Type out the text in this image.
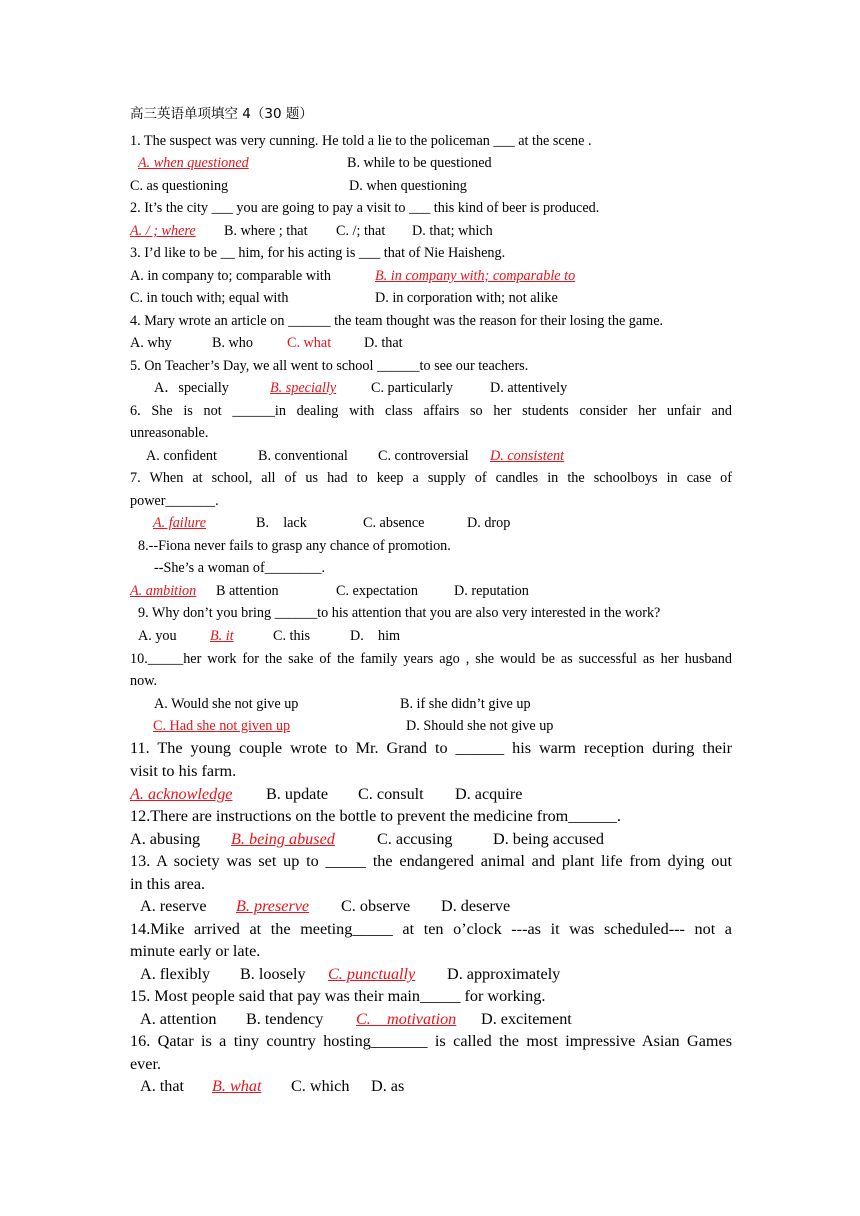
高三英语单项填空 4（30 题）
1. The suspect was very cunning. He told a lie to the policeman ___ at the scene .
A. when questioned	B. while to be questioned
C. as questioning	D. when questioning
2. It’s the city ___ you are going to pay a visit to ___ this kind of beer is produced.
A. / ; where B. where ; that C. /; that D. that; which
3. I’d like to be __ him, for his acting is ___ that of Nie Haisheng.
A. in company to; comparable with	B. in company with; comparable to
C. in touch with; equal with	D. in corporation with; not alike
4. Mary wrote an article on ______ the team thought was the reason for their losing the game.
A. why	B. who C. what D. that
5. On Teacher’s Day, we all went to school ______to see our teachers.
A．specially	B. specially C. particularly	D. attentively
6. She is not ______in dealing with class affairs so her students consider her unfair and
unreasonable.
A. confident	B. conventional C. controversial D. consistent
7. When at school, all of us had to keep a supply of candles in the schoolboys in case of
power_______.
A. failure	B.    lack	C. absence	D. drop
8.--Fiona never fails to grasp any chance of promotion.
--She’s a woman of________.
A. ambition B attention	C. expectation	D. reputation
9. Why don’t you bring ______to his attention that you are also very interested in the work?
A. you B. it	C. this	D.    him
10._____her work for the sake of the family years ago , she would be as successful as her husband
now.
A. Would she not give up	B. if she didn’t give up
C. Had she not given up	D. Should she not give up
11. The young couple wrote to Mr. Grand to ______ his warm reception during their
visit to his farm.
A. acknowledge B. update C. consult D. acquire
12.There are instructions on the bottle to prevent the medicine from______.
A. abusing B. being abused	C. accusing D. being accused
13. A society was set up to _____ the endangered animal and plant life from dying out
in this area.
A. reserve B. preserve C. observe D. deserve
14.Mike arrived at the meeting_____ at ten o’clock ---as it was scheduled--- not a
minute early or late.
A. flexibly B. loosely C. punctually D. approximately
15. Most people said that pay was their main_____ for working.
A. attention B. tendency C.    motivation D. excitement
16. Qatar is a tiny country hosting_______ is called the most impressive Asian Games
ever.
A. that B. what C. which D. as
